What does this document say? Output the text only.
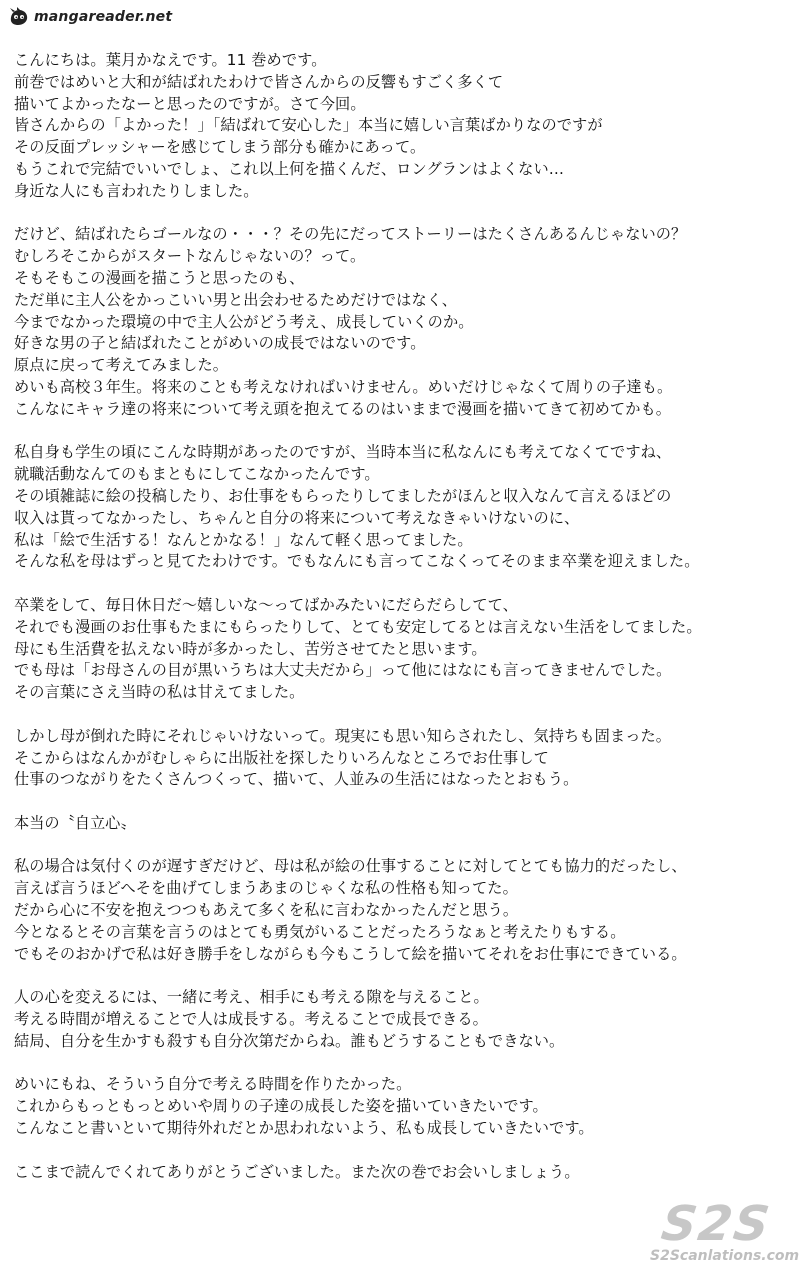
mangareader.net
こんにちは。葉月かなえです。11 巻めです。
前巻ではめいと大和が結ばれたわけで皆さんからの反響もすごく多くて
描いてよかったなーと思ったのですが。さて今回。
皆さんからの「よかった！」「結ばれて安心した」本当に嬉しい言葉ばかりなのですが
その反面プレッシャーを感じてしまう部分も確かにあって。
もうこれで完結でいいでしょ、これ以上何を描くんだ、ロングランはよくない…
身近な人にも言われたりしました。
だけど、結ばれたらゴールなの・・・？その先にだってストーリーはたくさんあるんじゃないの？
むしろそこからがスタートなんじゃないの？って。
そもそもこの漫画を描こうと思ったのも、
ただ単に主人公をかっこいい男と出会わせるためだけではなく、
今までなかった環境の中で主人公がどう考え、成長していくのか。
好きな男の子と結ばれたことがめいの成長ではないのです。
原点に戻って考えてみました。
めいも高校３年生。将来のことも考えなければいけません。めいだけじゃなくて周りの子達も。
こんなにキャラ達の将来について考え頭を抱えてるのはいままで漫画を描いてきて初めてかも。
私自身も学生の頃にこんな時期があったのですが、当時本当に私なんにも考えてなくてですね、
就職活動なんてのもまともにしてこなかったんです。
その頃雑誌に絵の投稿したり、お仕事をもらったりしてましたがほんと収入なんて言えるほどの
収入は貰ってなかったし、ちゃんと自分の将来について考えなきゃいけないのに、
私は「絵で生活する！なんとかなる！」なんて軽く思ってました。
そんな私を母はずっと見てたわけです。でもなんにも言ってこなくってそのまま卒業を迎えました。
卒業をして、毎日休日だ～嬉しいな～ってばかみたいにだらだらしてて、
それでも漫画のお仕事もたまにもらったりして、とても安定してるとは言えない生活をしてました。
母にも生活費を払えない時が多かったし、苦労させてたと思います。
でも母は「お母さんの目が黒いうちは大丈夫だから」って他にはなにも言ってきませんでした。
その言葉にさえ当時の私は甘えてました。
しかし母が倒れた時にそれじゃいけないって。現実にも思い知らされたし、気持ちも固まった。
そこからはなんかがむしゃらに出版社を探したりいろんなところでお仕事して
仕事のつながりをたくさんつくって、描いて、人並みの生活にはなったとおもう。
本当の〝自立心〟
私の場合は気付くのが遅すぎだけど、母は私が絵の仕事することに対してとても協力的だったし、
言えば言うほどへそを曲げてしまうあまのじゃくな私の性格も知ってた。
だから心に不安を抱えつつもあえて多くを私に言わなかったんだと思う。
今となるとその言葉を言うのはとても勇気がいることだったろうなぁと考えたりもする。
でもそのおかげで私は好き勝手をしながらも今もこうして絵を描いてそれをお仕事にできている。
人の心を変えるには、一緒に考え、相手にも考える隙を与えること。
考える時間が増えることで人は成長する。考えることで成長できる。
結局、自分を生かすも殺すも自分次第だからね。誰もどうすることもできない。
めいにもね、そういう自分で考える時間を作りたかった。
これからもっともっとめいや周りの子達の成長した姿を描いていきたいです。
こんなこと書いといて期待外れだとか思われないよう、私も成長していきたいです。
ここまで読んでくれてありがとうございました。また次の巻でお会いしましょう。
S2S
S2Scanlations.com
